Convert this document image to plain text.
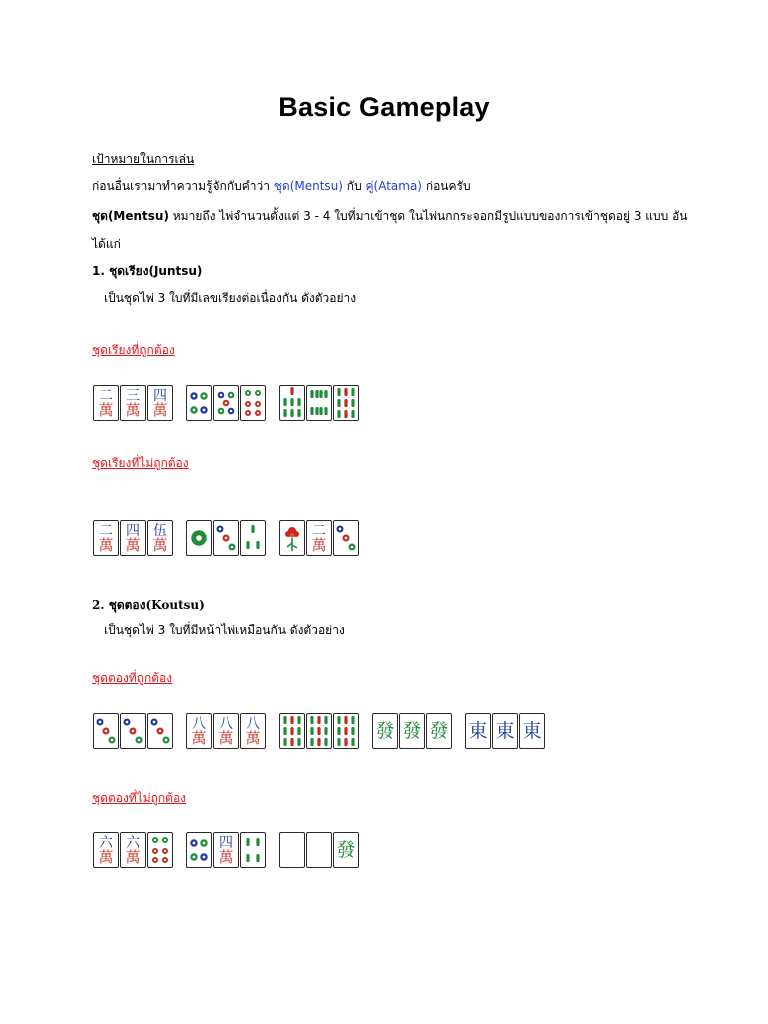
Basic Gameplay
เป้าหมายในการเล่น
ก่อนอื่นเรามาทำความรู้จักกับคำว่า ชุด(Mentsu) กับ คู่(Atama) ก่อนครับ
ชุด(Mentsu) หมายถึง ไพ่จำนวนตั้งแต่ 3 - 4 ใบที่มาเข้าชุด ในไพ่นกกระจอกมีรูปแบบของการเข้าชุดอยู่ 3 แบบ อัน
ได้แก่
1. ชุดเรียง(Juntsu)
เป็นชุดไพ่ 3 ใบที่มีเลขเรียงต่อเนื่องกัน ดังตัวอย่าง
ชุดเรียงที่ถูกต้อง
二
萬
三
萬
四
萬
ชุดเรียงที่ไม่ถูกต้อง
二
萬
四
萬
伍
萬
二
萬
2. ชุดตอง(Koutsu)
เป็นชุดไพ่ 3 ใบที่มีหน้าไพ่เหมือนกัน ดังตัวอย่าง
ชุดตองที่ถูกต้อง
八
萬
八
萬
八
萬	發 發 發 東 東 東
ชุดตองที่ไม่ถูกต้อง
六
萬
六
萬
四
萬	發
